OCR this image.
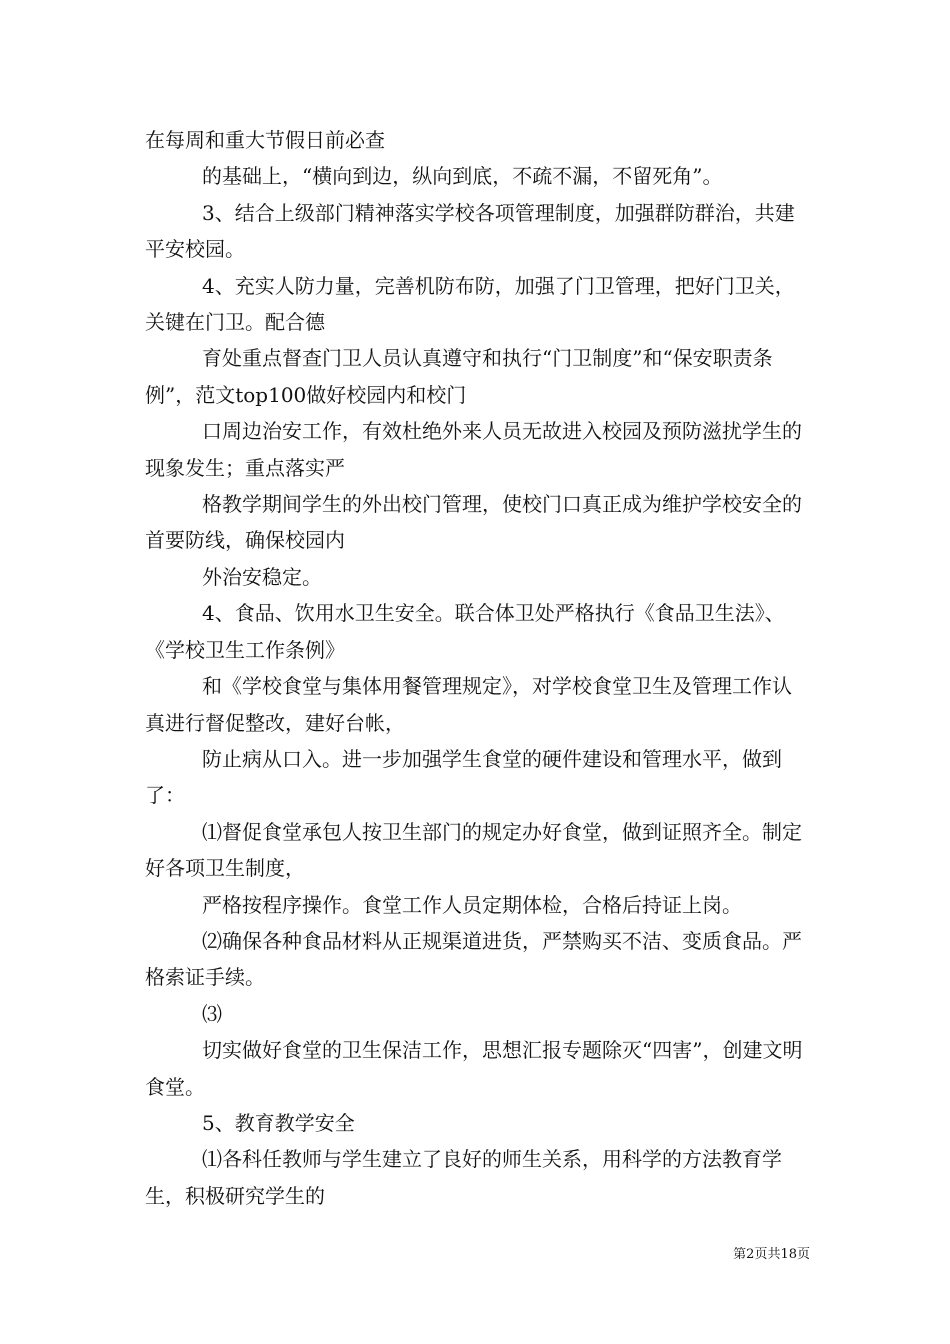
在每周和重大节假日前必查

的基础上，“横向到边，纵向到底，不疏不漏，不留死角”。

3、结合上级部门精神落实学校各项管理制度，加强群防群治，共建平安校园。

4、充实人防力量，完善机防布防，加强了门卫管理，把好门卫关，关键在门卫。配合德

育处重点督查门卫人员认真遵守和执行“门卫制度”和“保安职责条例”，范文top100做好校园内和校门

口周边治安工作，有效杜绝外来人员无故进入校园及预防滋扰学生的现象发生；重点落实严

格教学期间学生的外出校门管理，使校门口真正成为维护学校安全的首要防线，确保校园内

外治安稳定。

4、食品、饮用水卫生安全。联合体卫处严格执行《食品卫生法》、《学校卫生工作条例》

和《学校食堂与集体用餐管理规定》，对学校食堂卫生及管理工作认真进行督促整改，建好台帐，

防止病从口入。进一步加强学生食堂的硬件建设和管理水平，做到了：

⑴督促食堂承包人按卫生部门的规定办好食堂，做到证照齐全。制定好各项卫生制度，

严格按程序操作。食堂工作人员定期体检，合格后持证上岗。

⑵确保各种食品材料从正规渠道进货，严禁购买不洁、变质食品。严格索证手续。

⑶

切实做好食堂的卫生保洁工作，思想汇报专题除灭“四害”，创建文明食堂。

5、教育教学安全

⑴各科任教师与学生建立了良好的师生关系，用科学的方法教育学生，积极研究学生的

第2页共18页
